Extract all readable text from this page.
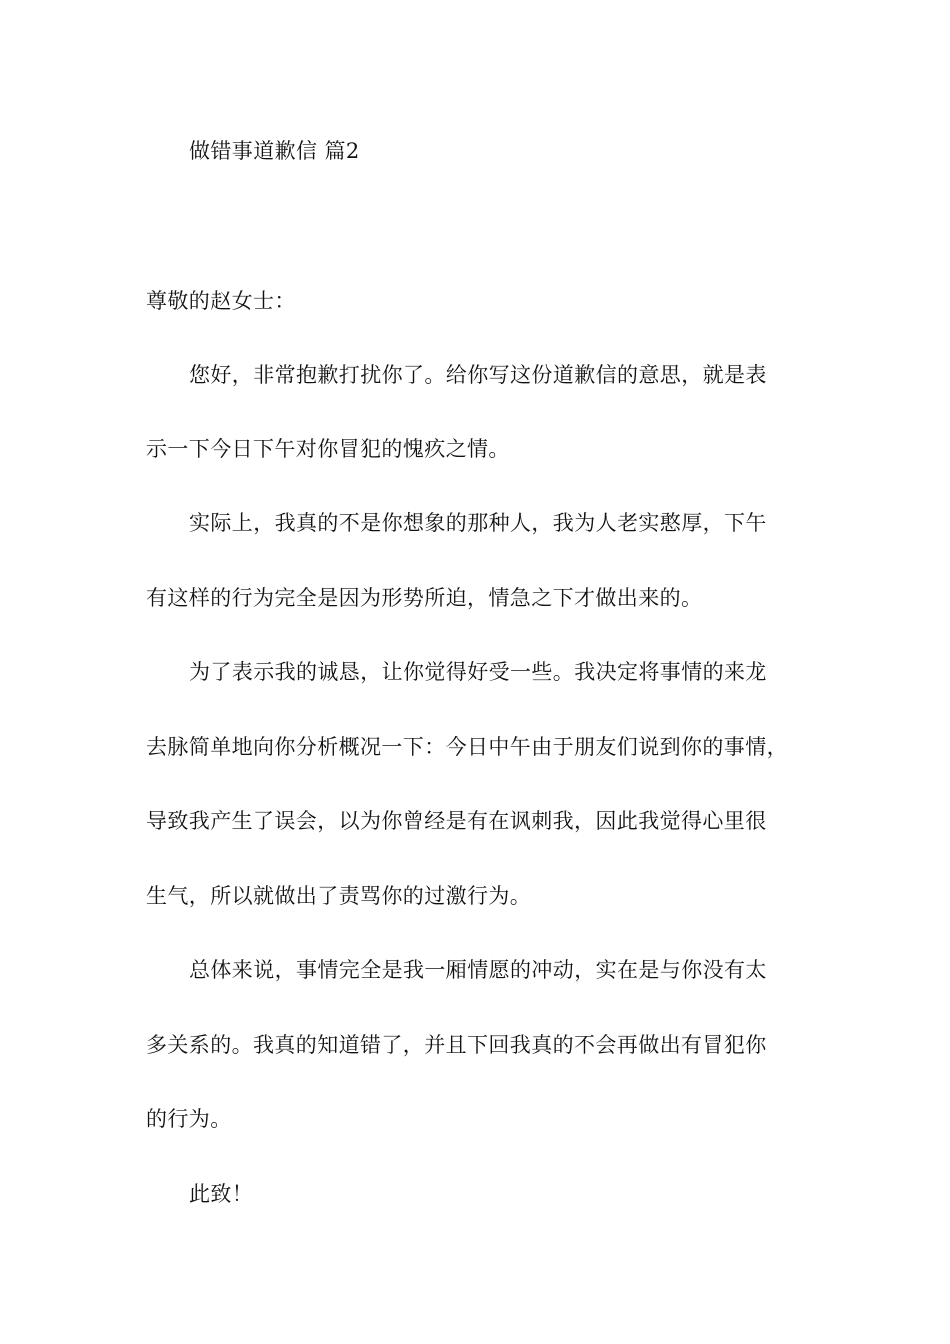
做错事道歉信 篇2
尊敬的赵女士：
您好，非常抱歉打扰你了。给你写这份道歉信的意思，就是表
示一下今日下午对你冒犯的愧疚之情。
实际上，我真的不是你想象的那种人，我为人老实憨厚，下午
有这样的行为完全是因为形势所迫，情急之下才做出来的。
为了表示我的诚恳，让你觉得好受一些。我决定将事情的来龙
去脉简单地向你分析概况一下：今日中午由于朋友们说到你的事情，
导致我产生了误会，以为你曾经是有在讽刺我，因此我觉得心里很
生气，所以就做出了责骂你的过激行为。
总体来说，事情完全是我一厢情愿的冲动，实在是与你没有太
多关系的。我真的知道错了，并且下回我真的不会再做出有冒犯你
的行为。
此致！
